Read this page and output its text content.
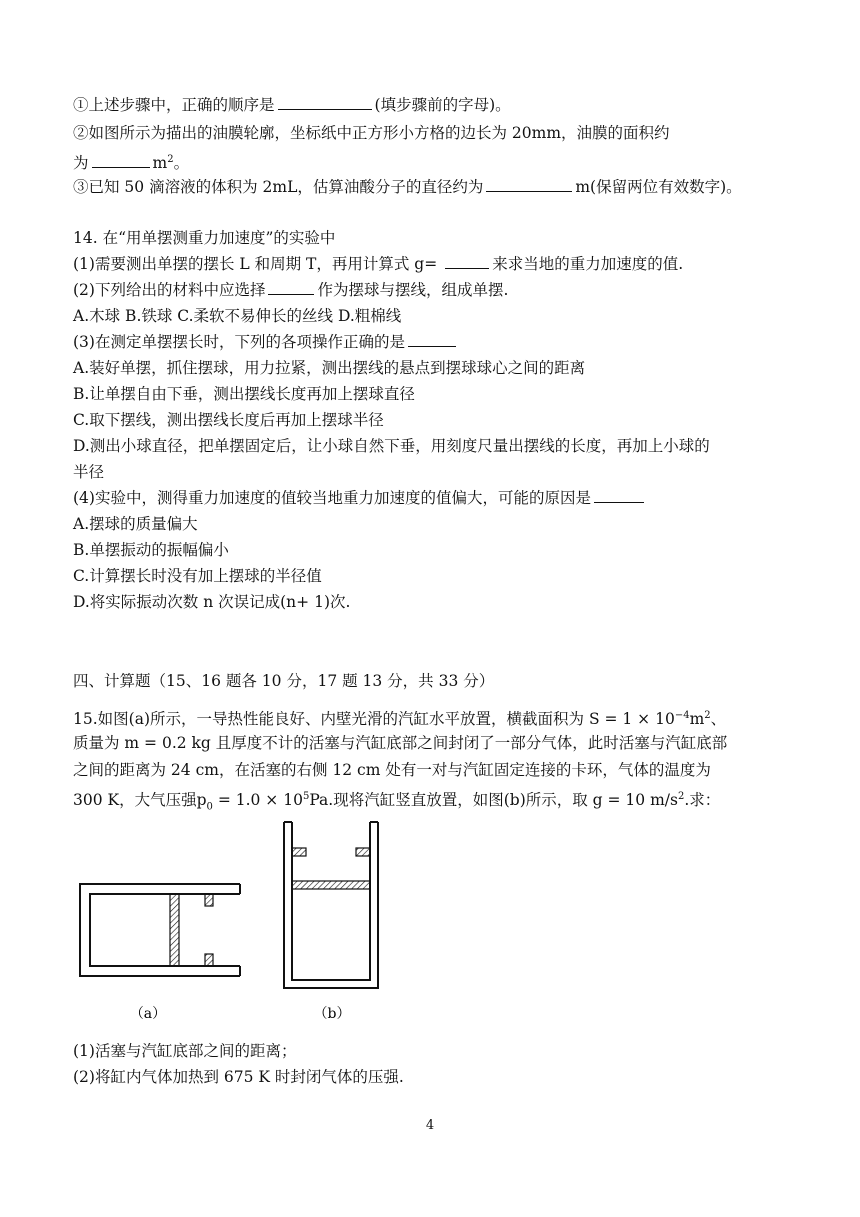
①上述步骤中，正确的顺序是	(填步骤前的字母)。
②如图所示为描出的油膜轮廓，坐标纸中正方形小方格的边长为 20mm，油膜的面积约
为	$m^2$。
③已知 50 滴溶液的体积为 2mL，估算油酸分子的直径约为	m(保留两位有效数字)。
14. 在“用单摆测重力加速度”的实验中
(1)需要测出单摆的摆长 L 和周期 T，再用计算式 g=	来求当地的重力加速度的值.
(2)下列给出的材料中应选择	作为摆球与摆线，组成单摆.
A.木球 B.铁球 C.柔软不易伸长的丝线 D.粗棉线
(3)在测定单摆摆长时，下列的各项操作正确的是
A.装好单摆，抓住摆球，用力拉紧，测出摆线的悬点到摆球球心之间的距离
B.让单摆自由下垂，测出摆线长度再加上摆球直径
C.取下摆线，测出摆线长度后再加上摆球半径
D.测出小球直径，把单摆固定后，让小球自然下垂，用刻度尺量出摆线的长度，再加上小球的
半径
(4)实验中，测得重力加速度的值较当地重力加速度的值偏大，可能的原因是
A.摆球的质量偏大
B.单摆振动的振幅偏小
C.计算摆长时没有加上摆球的半径值
D.将实际振动次数 n 次误记成(n+ 1)次.
四、计算题（15、16 题各 10 分，17 题 13 分，共 33 分）
15.如图(a)所示，一导热性能良好、内壁光滑的汽缸水平放置，横截面积为 $S = 1 \times 10^{-4}m^2$、
质量为 m = 0.2 kg 且厚度不计的活塞与汽缸底部之间封闭了一部分气体，此时活塞与汽缸底部
之间的距离为 24 cm，在活塞的右侧 12 cm 处有一对与汽缸固定连接的卡环，气体的温度为
300 K，大气压强$p_0 = 1.0 \times 10^5Pa$.现将汽缸竖直放置，如图(b)所示，取 g = 10 $m/s^2$.求：
（a）	（b）
(1)活塞与汽缸底部之间的距离；
(2)将缸内气体加热到 675 K 时封闭气体的压强.
4
